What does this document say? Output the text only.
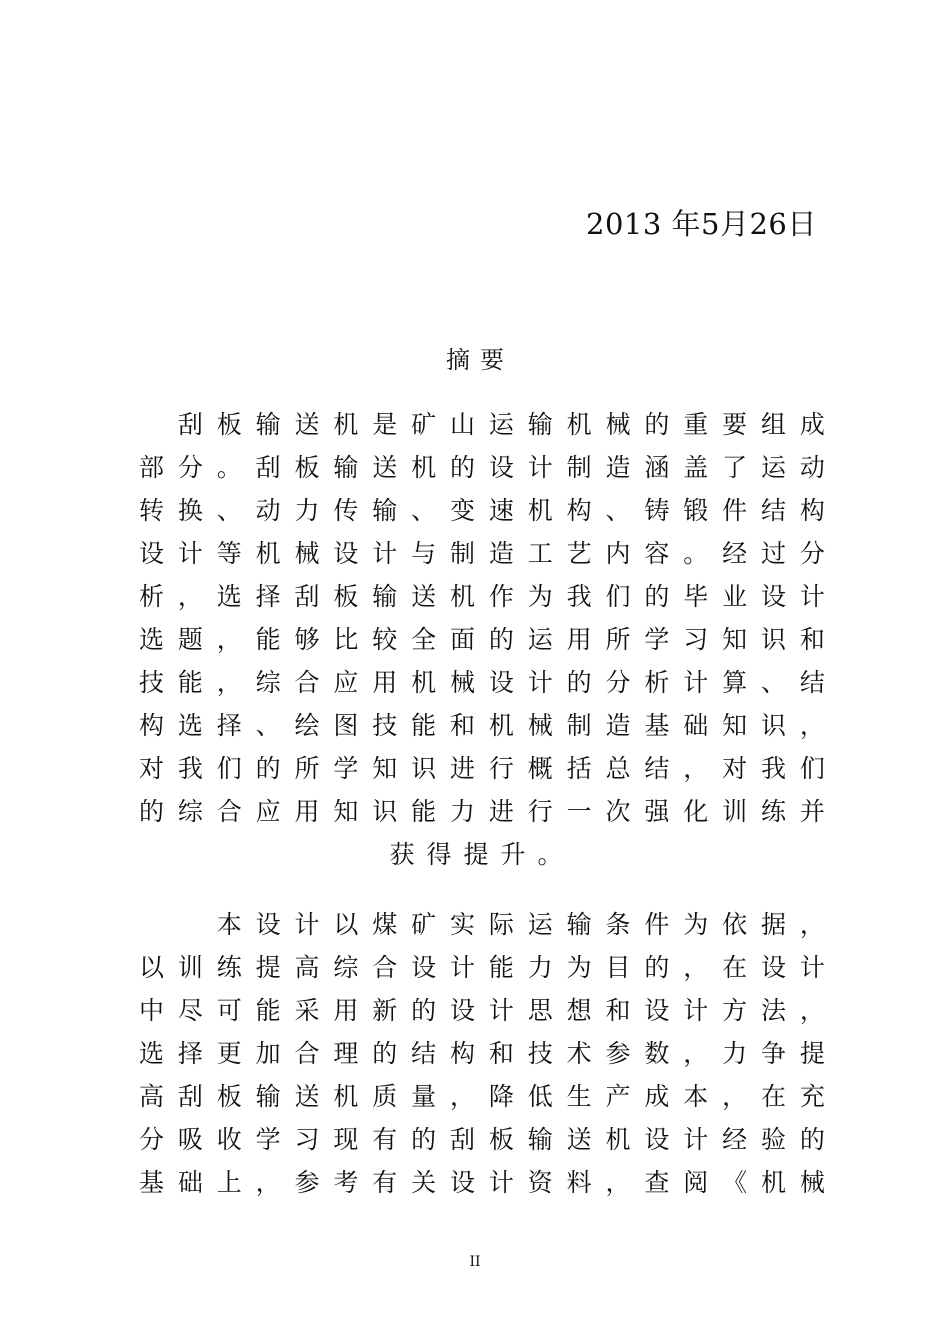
2013 年5月26日
摘要

刮 板 输 送 机 是 矿 山 运 输 机 械 的 重 要 组 成
部 分 。 刮 板 输 送 机 的 设 计 制 造 涵 盖 了 运 动
转 换 、 动 力 传 输 、 变 速 机 构 、 铸 锻 件 结 构
设 计 等 机 械 设 计 与 制 造 工 艺 内 容 。 经 过 分
析 ， 选 择 刮 板 输 送 机 作 为 我 们 的 毕 业 设 计
选 题 ， 能 够 比 较 全 面 的 运 用 所 学 习 知 识 和
技 能 ， 综 合 应 用 机 械 设 计 的 分 析 计 算 、 结
构 选 择 、 绘 图 技 能 和 机 械 制 造 基 础 知 识 ，
对 我 们 的 所 学 知 识 进 行 概 括 总 结 ， 对 我 们
的 综 合 应 用 知 识 能 力 进 行 一 次 强 化 训 练 并
获得提升。

本 设 计 以 煤 矿 实 际 运 输 条 件 为 依 据 ，
以 训 练 提 高 综 合 设 计 能 力 为 目 的 ， 在 设 计
中 尽 可 能 采 用 新 的 设 计 思 想 和 设 计 方 法 ，
选 择 更 加 合 理 的 结 构 和 技 术 参 数 ， 力 争 提
高 刮 板 输 送 机 质 量 ， 降 低 生 产 成 本 ， 在 充
分 吸 收 学 习 现 有 的 刮 板 输 送 机 设 计 经 验 的
基 础 上 ， 参 考 有 关 设 计 资 料 ， 查 阅 《 机 械
II
